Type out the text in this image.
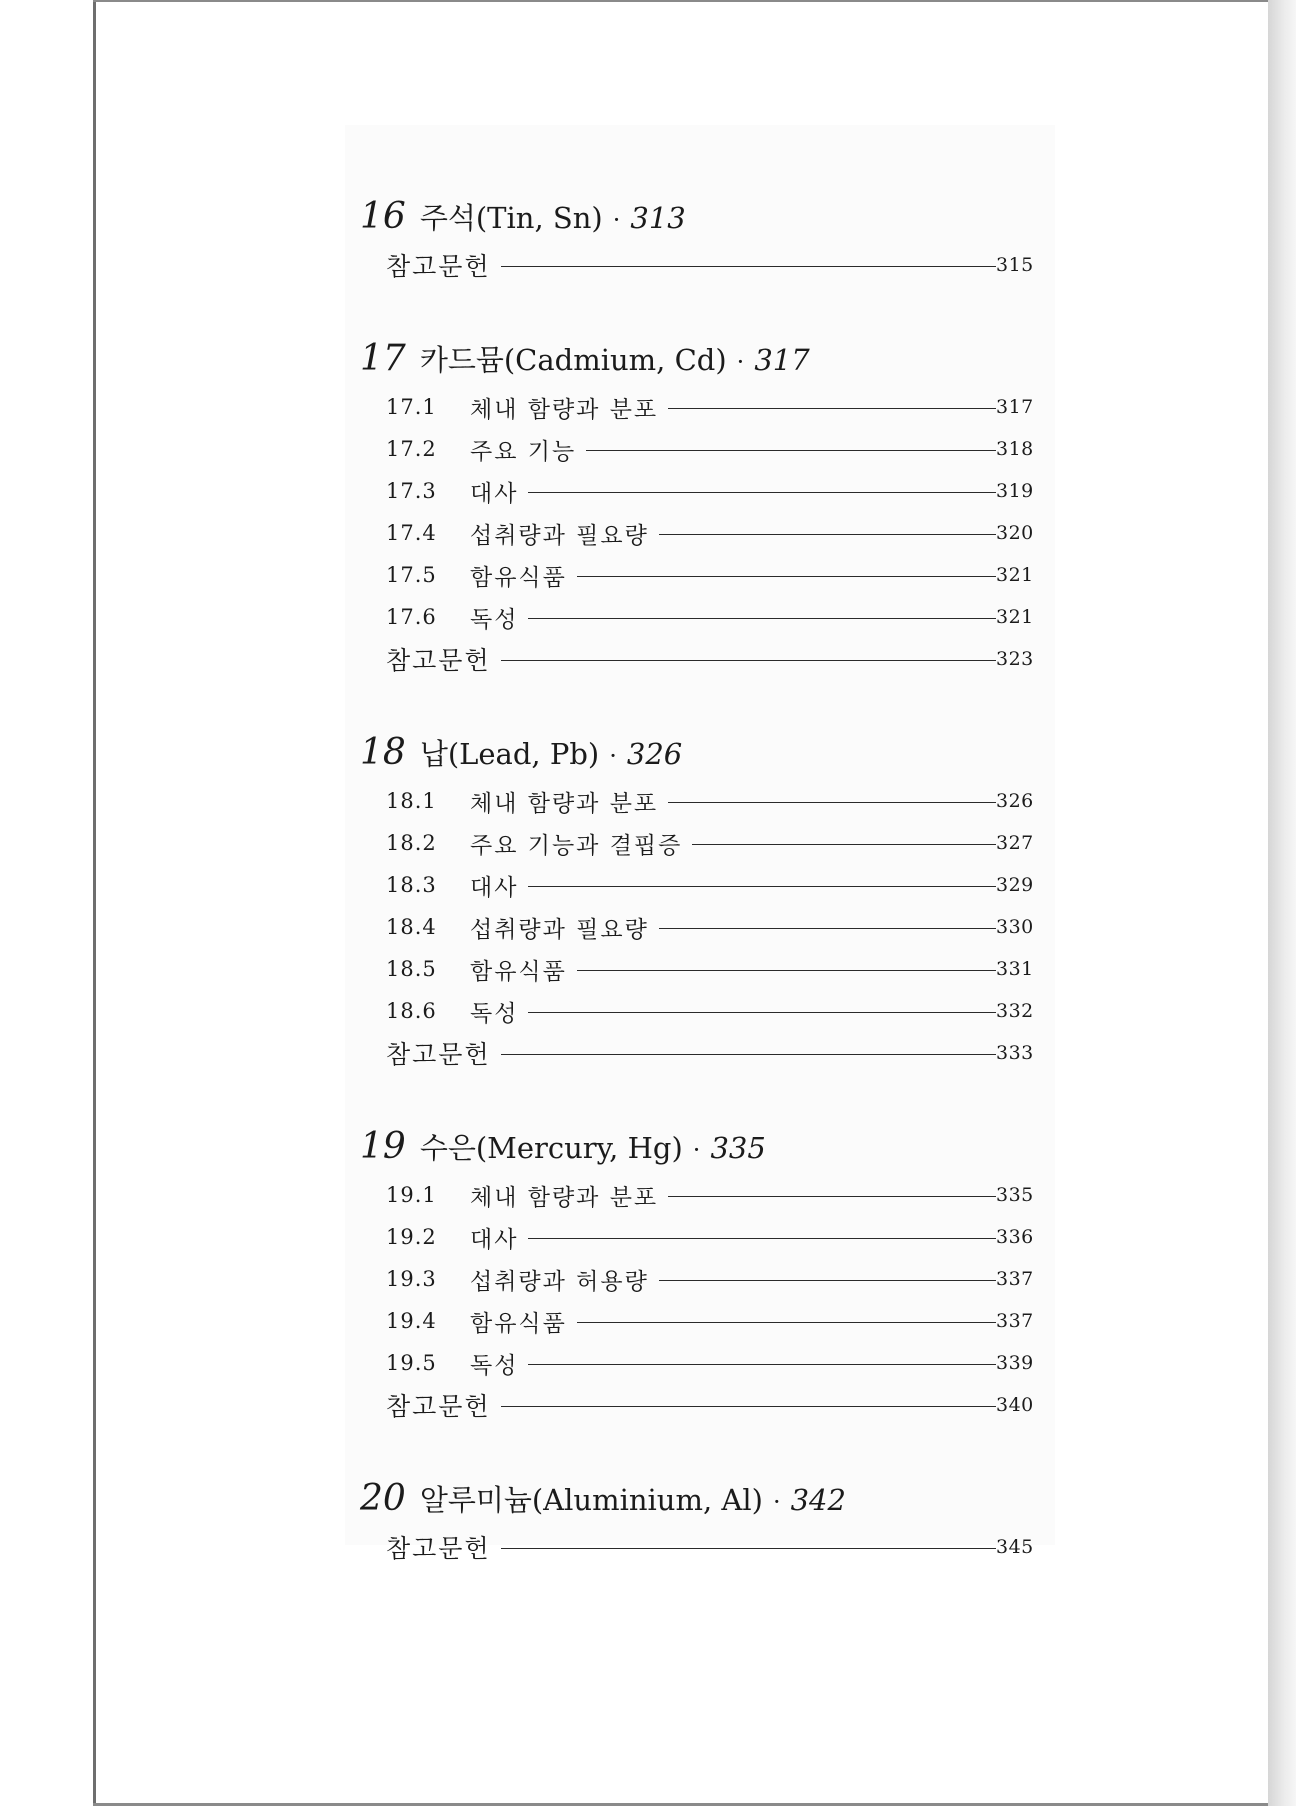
16 주석(Tin, Sn) · 313
참고문헌	315
17 카드뮴(Cadmium, Cd) · 317
17.1	체내 함량과 분포	317
17.2	주요 기능	318
17.3	대사	319
17.4	섭취량과 필요량	320
17.5	함유식품	321
17.6	독성	321
참고문헌	323
18 납(Lead, Pb) · 326
18.1	체내 함량과 분포	326
18.2	주요 기능과 결핍증	327
18.3	대사	329
18.4	섭취량과 필요량	330
18.5	함유식품	331
18.6	독성	332
참고문헌	333
19 수은(Mercury, Hg) · 335
19.1	체내 함량과 분포	335
19.2	대사	336
19.3	섭취량과 허용량	337
19.4	함유식품	337
19.5	독성	339
참고문헌	340
20 알루미늄(Aluminium, Al) · 342
참고문헌	345
